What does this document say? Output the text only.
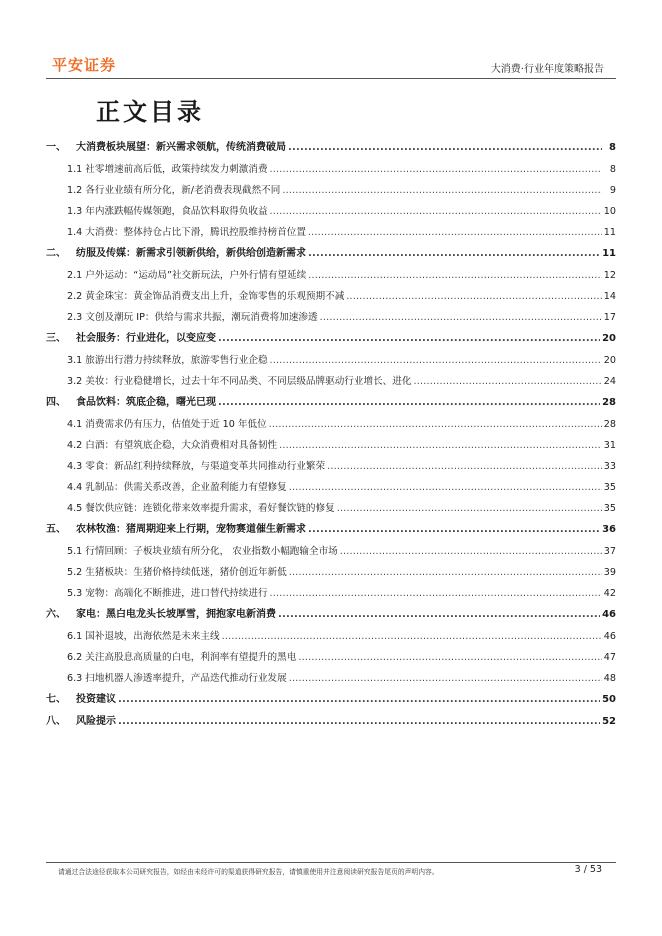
平安证券	大消费·行业年度策略报告
正文目录
一、	大消费板块展望：新兴需求领航，传统消费破局 .....	8
1.1 社零增速前高后低，政策持续发力刺激消费 .....	8
1.2 各行业业绩有所分化，新/老消费表现截然不同 .....	9
1.3 年内涨跌幅传媒领跑，食品饮料取得负收益 .....	10
1.4 大消费：整体持仓占比下滑，腾讯控股维持榜首位置 .....	11
二、	纺服及传媒：新需求引领新供给，新供给创造新需求 .....	11
2.1 户外运动：“运动局”社交新玩法，户外行情有望延续 .....	12
2.2 黄金珠宝：黄金饰品消费支出上升，金饰零售的乐观预期不减 .....	14
2.3 文创及潮玩 IP：供给与需求共振，潮玩消费将加速渗透 .....	17
三、	社会服务：行业进化，以变应变 .....	20
3.1 旅游出行潜力持续释放，旅游零售行业企稳 .....	20
3.2 美妆：行业稳健增长，过去十年不同品类、不同层级品牌驱动行业增长、进化 .....	24
四、	食品饮料：筑底企稳，曙光已现 .....	28
4.1 消费需求仍有压力，估值处于近 10 年低位 .....	28
4.2 白酒：有望筑底企稳，大众消费相对具备韧性 .....	31
4.3 零食：新品红利持续释放，与渠道变革共同推动行业繁荣 .....	33
4.4 乳制品：供需关系改善，企业盈利能力有望修复 .....	35
4.5 餐饮供应链：连锁化带来效率提升需求，看好餐饮链的修复 .....	35
五、	农林牧渔：猪周期迎来上行期，宠物赛道催生新需求 .....	36
5.1 行情回顾：子板块业绩有所分化， 农业指数小幅跑输全市场 .....	37
5.2 生猪板块：生猪价格持续低迷，猪价创近年新低 .....	39
5.3 宠物：高端化不断推进，进口替代持续进行 .....	42
六、	家电：黑白电龙头长坡厚雪，拥抱家电新消费 .....	46
6.1 国补退坡，出海依然是未来主线 .....	46
6.2 关注高股息高质量的白电，利润率有望提升的黑电 .....	47
6.3 扫地机器人渗透率提升，产品迭代推动行业发展 .....	48
七、	投资建议 .....	50
八、	风险提示 .....	52
请通过合法途径获取本公司研究报告，如经由未经许可的渠道获得研究报告，请慎重使用并注意阅读研究报告尾页的声明内容。	3 / 53
